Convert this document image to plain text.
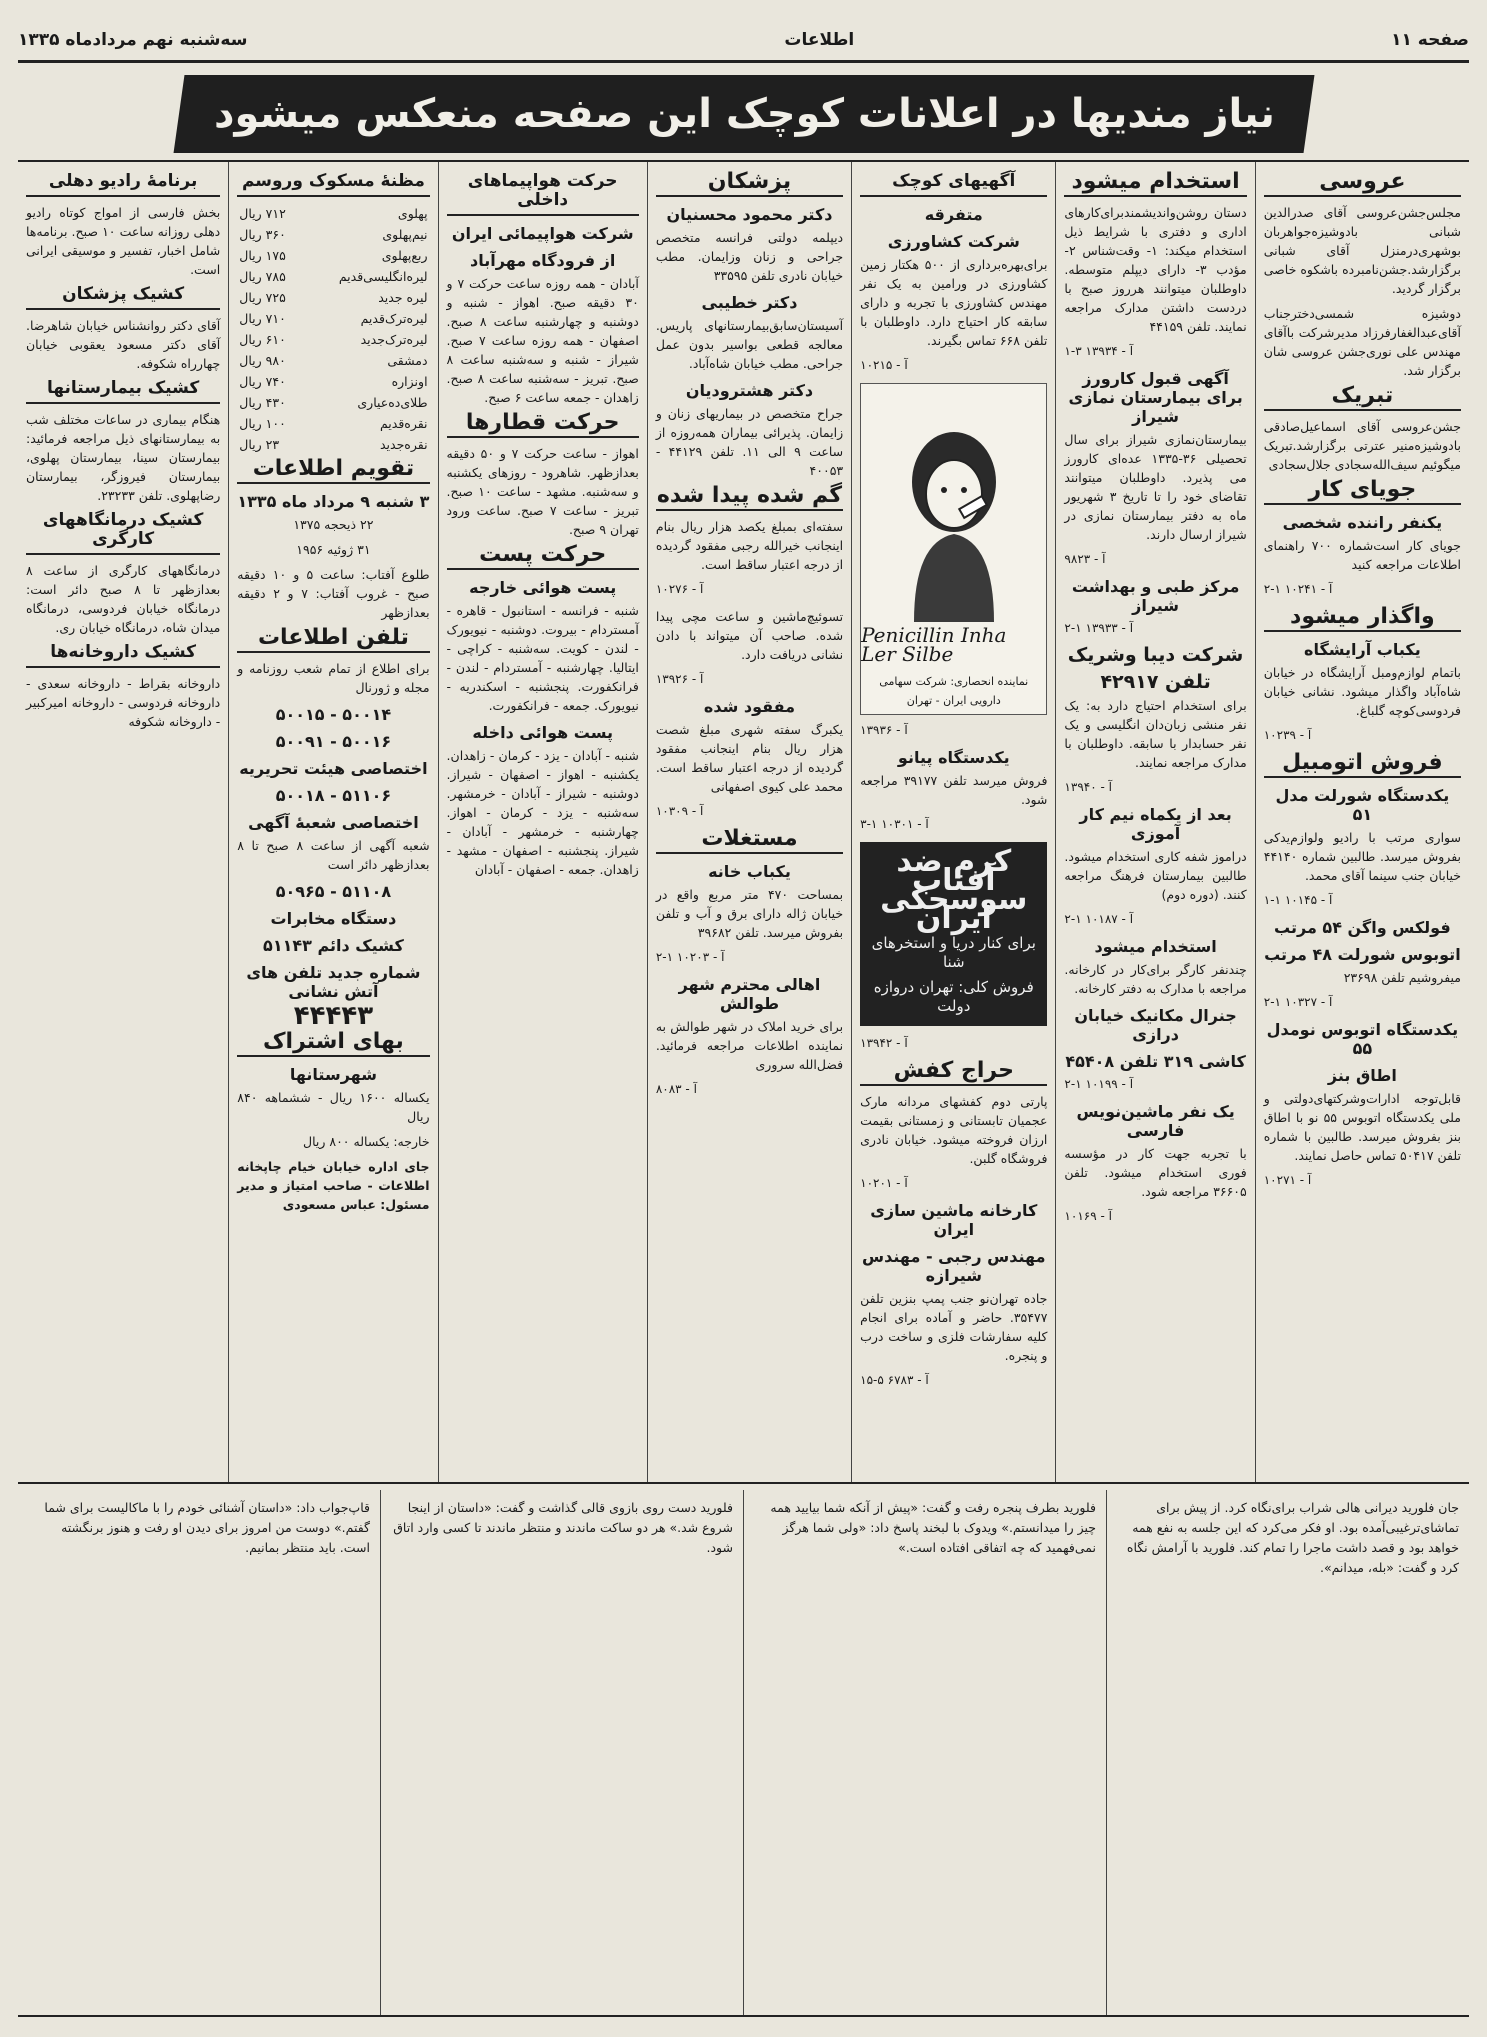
صفحه ۱۱
اطلاعات
سه‌شنبه نهم مردادماه ۱۳۳۵
نیاز مندیها در اعلانات کوچک این صفحه منعکس میشود
عروسی

مجلس‌جشن‌عروسی آقای صدرالدین شبانی باد‌وشیزه‌جواهر‌بان بوشهری‌در‌منزل آقای شبانی برگزار‌شد.جشن‌نامبرده باشکوه خاصی برگزار گردید.

دوشیزه شمسی‌دخترجناب آقای‌عبدالغفار‌فرزاد مدیر‌شرکت با‌آقای مهندس علی نوری‌جشن عروسی شان برگزار شد.

تبریک

جشن‌عروسی آقای اسماعیل‌صادقی بادوشیزه‌منیر عترتی برگزار‌شد.تبریک ‌میگوئیم سیف‌الله‌سجادی جلال‌سجادی

جویای کار
یکنفر راننده شخصی

جویای کار است‌شماره ۷۰۰ راهنمای اطلاعات مراجعه کنید

آ - ۱۰۲۴۱ ۱-۲
واگذار میشود
یکباب آرایشگاه

باتمام لوازم‌ومبل آرایشگاه در خیابان شاه‌آباد واگذار میشود. نشانی خیابان فردوسی‌کوچه گلباغ.

آ - ۱۰۲۳۹
فروش اتومبیل
یکدستگاه شورلت مدل ۵۱

سواری مرتب با رادیو ولوازم‌یدکی بفروش میرسد. طالبین شماره ۴۴۱۴۰ خیابان جنب سینما آقای محمد.

آ - ۱۰۱۴۵ ۱-۱
فولکس واگن ۵۴ مرتب
اتوبوس شورلت ۴۸ مرتب

میفروشیم تلفن ۲۳۶۹۸

آ - ۱۰۳۲۷ ۱-۲
یکدستگاه اتوبوس نومدل ۵۵
اطاق بنز

قابل‌توجه ادارات‌و‌شرکتهای‌دولتی و ملی یکدستگاه اتوبوس ۵۵ نو با اطاق بنز بفروش میرسد. طالبین با شماره تلفن ۵۰۴۱۷ تماس حاصل نمایند.

آ - ۱۰۲۷۱
استخدام میشود

دستان روشن‌واندیشمند‌برای‌کارهای اداری و دفتری با شرایط ذیل استخدام میکند: ۱- وقت‌شناس ۲- مؤدب ۳- دارای دیپلم متوسطه. داوطلبان میتوانند هر‌روز صبح با دردست داشتن مدارک مراجعه نمایند. تلفن ۴۴۱۵۹

آ - ۱۳۹۳۴ ۳-۱
آگهی قبول کارورز برای بیمارستان نمازی شیراز

بیمارستان‌نمازی شیراز برای سال تحصیلی ۳۶-۱۳۳۵ عده‌ای کارورز می پذیرد. داوطلبان میتوانند تقاضای خود را تا تاریخ ۳ شهریور ماه به دفتر بیمارستان نمازی در شیراز ارسال دارند.

آ - ۹۸۲۳
مرکز طبی و بهداشت شیراز
آ - ۱۳۹۳۳ ۱-۲
شرکت دیبا وشریک
تلفن ۴۲۹۱۷

برای استخدام احتیاج دارد به: یک نفر منشی زبان‌دان انگلیسی و یک نفر حسابدار با سابقه. داوطلبان با مدارک مراجعه نمایند.

آ - ۱۳۹۴۰
بعد از یکماه نیم کار آموزی

دراموز شفه کاری استخدام میشود. طالبین بیمارستان فرهنگ مراجعه کنند. (دوره دوم)

آ - ۱۰۱۸۷ ۱-۲
استخدام میشود

چندنفر کارگر برای‌کار در کارخانه. مراجعه با مدارک به دفتر کارخانه.

جنرال مکانیک خیابان درازی
کاشی ۳۱۹ تلفن ۴۵۴۰۸
آ - ۱۰۱۹۹ ۱-۲
یک نفر ماشین‌نویس فارسی

با تجربه جهت کار در مؤسسه فوری استخدام میشود. تلفن ۳۶۶۰۵ مراجعه شود.

آ - ۱۰۱۶۹
آگهیهای کوچک
متفرقه
شرکت کشاورزی

برای‌بهره‌برداری از ۵۰۰ هکتار زمین کشاورزی در ورامین به یک نفر مهندس کشاورزی با تجربه و دارای سابقه کار احتیاج دارد. داوطلبان با تلفن ۶۶۸ تماس بگیرند.

آ - ۱۰۲۱۵
Penicillin Inha Ler Silbe
نماینده انحصاری: شرکت سهامی دارویی ایران - تهران
آ - ۱۳۹۳۶
یکدستگاه پیانو

فروش میرسد تلفن ۳۹۱۷۷ مراجعه شود.

آ - ۱۰۳۰۱ ۱-۳
کرم ضد آفتاب سوسحکی ایران
برای کنار دریا و استخرهای شنا
فروش کلی: تهران دروازه دولت
آ - ۱۳۹۴۲
حراج کفش

پارتی دوم کفشهای مردانه مارک عجمیان تابستانی و زمستانی بقیمت ارزان فروخته میشود. خیابان نادری فروشگاه گلبن.

آ - ۱۰۲۰۱
کارخانه ماشین سازی ایران
مهندس رجبی - مهندس شیرازه

جاده تهران‌نو جنب پمپ بنزین تلفن ۳۵۴۷۷. حاضر و آماده برای انجام کلیه سفارشات فلزی و ساخت درب و پنجره.

آ - ۶۷۸۳ ۵-۱۵
پزشکان
دکتر محمود محسنیان

دیپلمه دولتی فرانسه متخصص جراحی و زنان وزایمان. مطب خیابان ‌نادری تلفن ۳۳۵۹۵

دکتر خطیبی

آسیستان‌سابق‌بیمارستانهای پاریس. معالجه قطعی بواسیر بدون عمل جراحی. مطب خیابان شاه‌آباد.

دکتر هشترودیان

جراح متخصص در بیماریهای زنان و زایمان. پذیرائی بیماران همه‌روزه از ساعت ۹ الی ۱۱. تلفن ۴۴۱۲۹ - ۴۰۰۵۳

گم شده پیدا شده

سفته‌ای بمبلغ یکصد هزار ریال بنام اینجانب خیرالله رجبی مفقود گردیده از درجه اعتبار ساقط است.

آ - ۱۰۲۷۶

تسوئیچ‌ماشین و ساعت مچی پیدا شده. صاحب آن میتواند با دادن نشانی دریافت دارد.

آ - ۱۳۹۲۶
مفقود شده

یکبرگ سفته شهری مبلغ شصت هزار ریال بنام اینجانب مفقود گردیده از درجه اعتبار ساقط است. محمد علی کیوی اصفهانی

آ - ۱۰۳۰۹
مستغلات
یکباب خانه

بمساحت ۴۷۰ متر مربع واقع در خیابان ژاله دارای برق و آب و تلفن بفروش میرسد. تلفن ۳۹۶۸۲

آ - ۱۰۲۰۳ ۱-۲
اهالی محترم شهر طوالش

برای خرید املاک در شهر طوالش به نماینده اطلاعات مراجعه فرمائید. فضل‌الله سروری

آ - ۸۰۸۳
حرکت هواپیماهای داخلی
شرکت هواپیمائی ایران
از فرودگاه مهرآباد

آبادان - همه روزه ساعت حرکت ۷ و ۳۰ دقیقه صبح. اهواز - شنبه و دوشنبه و چهارشنبه ساعت ۸ صبح. اصفهان - همه روزه ساعت ۷ صبح. شیراز - شنبه و سه‌شنبه ساعت ۸ صبح. تبریز - سه‌شنبه ساعت ۸ صبح. زاهدان - جمعه ساعت ۶ صبح.

حرکت قطارها

اهواز - ساعت حرکت ۷ و ۵۰ دقیقه بعدازظهر. شاهرود - روزهای یکشنبه و سه‌شنبه. مشهد - ساعت ۱۰ صبح. تبریز - ساعت ۷ صبح. ساعت ورود تهران ۹ صبح.

حرکت پست
پست هوائی خارجه

شنبه - فرانسه - استانبول - قاهره - آمستردام - بیروت. دوشنبه - نیویورک - لندن - کویت. سه‌شنبه - کراچی - ایتالیا. چهارشنبه - آمستردام - لندن - فرانکفورت. پنجشنبه - اسکندریه - نیویورک. جمعه - فرانکفورت.

پست هوائی داخله

شنبه - آبادان - یزد - کرمان - زاهدان. یکشنبه - اهواز - اصفهان - شیراز. دوشنبه - شیراز - آبادان - خرمشهر. سه‌شنبه - یزد - کرمان - اهواز. چهارشنبه - خرمشهر - آبادان - شیراز. پنجشنبه - اصفهان - مشهد - زاهدان. جمعه - اصفهان - آبادان

مظنهٔ مسکوک وروسم
پهلوی	۷۱۲ ریال
نیم‌پهلوی	۳۶۰ ریال
ربع‌پهلوی	۱۷۵ ریال
لیره‌انگلیسی‌قدیم	۷۸۵ ریال
لیره جدید	۷۲۵ ریال
لیره‌ترک‌قدیم	۷۱۰ ریال
لیره‌ترک‌جدید	۶۱۰ ریال
دمشقی	۹۸۰ ریال
اونزاره	۷۴۰ ریال
طلای‌ده‌عیاری	۴۳۰ ریال
نقره‌قدیم	۱۰۰ ریال
نقره‌جدید	۲۳ ریال
تقویم اطلاعات
۳ شنبه ۹ مرداد ماه ۱۳۳۵

۲۲ ذیحجه ۱۳۷۵

۳۱ ژوئیه ۱۹۵۶

طلوع آفتاب: ساعت ۵ و ۱۰ دقیقه صبح - غروب آفتاب: ۷ و ۲ دقیقه بعدازظهر

تلفن اطلاعات

برای اطلاع از تمام شعب روزنامه و مجله و ژورنال

۵۰۰۱۴ - ۵۰۰۱۵
۵۰۰۱۶ - ۵۰۰۹۱
اختصاصی هیئت تحریریه
۵۱۱۰۶ - ۵۰۰۱۸
اختصاصی شعبهٔ آگهی

شعبه آگهی از ساعت ۸ صبح تا ۸ بعدازظهر دائر است

۵۱۱۰۸ - ۵۰۹۶۵
دستگاه مخابرات
کشیک دائم ۵۱۱۴۳
شماره جدید تلفن های آتش نشانی
۴۴۴۴۳
بهای اشتراک
شهرستانها

یکساله ۱۶۰۰ ریال - ششماهه ۸۴۰ ریال

خارجه: یکساله ۸۰۰ ریال

جای اداره خیابان خیام چاپخانه اطلاعات - صاحب امتیاز و مدیر مسئول: عباس مسعودی

برنامهٔ رادیو دهلی

بخش فارسی از امواج کوتاه رادیو دهلی روزانه ساعت ۱۰ صبح. برنامه‌ها شامل اخبار، تفسیر و موسیقی ایرانی است.

کشیک پزشکان

آقای دکتر روانشناس خیابان شاهرضا. آقای دکتر مسعود یعقوبی خیابان چهارراه شکوفه.

کشیک بیمارستانها

هنگام بیماری در ساعات مختلف شب به بیمارستانهای ذیل مراجعه فرمائید: بیمارستان سینا، بیمارستان پهلوی، بیمارستان فیروزگر، بیمارستان رضا‌پهلوی. تلفن ۲۳۲۳۳.

کشیک درمانگاههای کارگری

درمانگاههای کارگری از ساعت ۸ بعدازظهر تا ۸ صبح دائر است: درمانگاه خیابان فردوسی، درمانگاه میدان شاه، درمانگاه خیابان ری.

کشیک داروخانه‌ها

داروخانه بقراط - داروخانه سعدی - داروخانه فردوسی - داروخانه امیرکبیر - داروخانه شکوفه

جان فلورید دیرانی هالی شراب برای‌نگاه کرد. از پیش برای تماشای‌ترغیبی‌آمده بود. او فکر می‌کرد که این جلسه به نفع همه خواهد بود و قصد داشت ماجرا را تمام کند. فلورید با آرامش نگاه کرد و گفت: «بله، میدانم».
فلورید بطرف پنجره رفت و گفت: «پیش از آنکه شما بیایید همه چیز را میدانستم.» ویدوک با لبخند پاسخ داد: «ولی شما هرگز نمی‌فهمید که چه اتفاقی افتاده است.»
فلورید دست روی بازوی قالی گذاشت و گفت: «داستان از اینجا شروع شد.» هر دو ساکت ماندند و منتظر ماندند تا کسی وارد اتاق شود.
قاپ‌جواب داد: «داستان آشنائی خودم را با ماکالیست برای شما گفتم.» دوست من امروز برای دیدن او رفت و هنوز برنگشته است. باید منتظر بمانیم.
